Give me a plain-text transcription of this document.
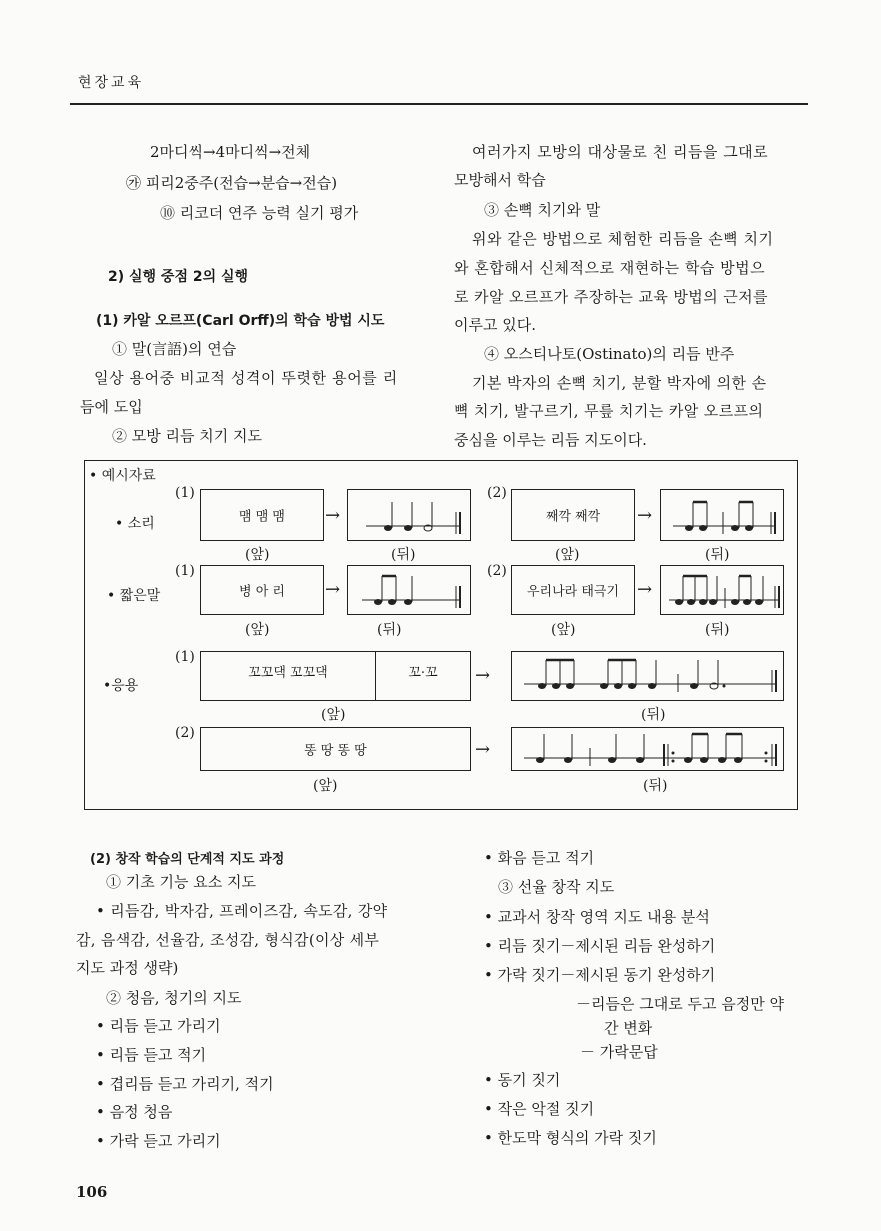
현장교육
2마디씩→4마디씩→전체
㉮ 피리2중주(전습→분습→전습)
⑩ 리코더 연주 능력 실기 평가
2) 실행 중점 2의 실행
(1) 카알 오르프(Carl Orff)의 학습 방법 시도
① 말(言語)의 연습
일상 용어중 비교적 성격이 뚜렷한 용어를 리
듬에 도입
② 모방 리듬 치기 지도
여러가지 모방의 대상물로 친 리듬을 그대로
모방해서 학습
③ 손뼉 치기와 말
위와 같은 방법으로 체험한 리듬을 손뼉 치기
와 혼합해서 신체적으로 재현하는 학습 방법으
로 카알 오르프가 주장하는 교육 방법의 근저를
이루고 있다.
④ 오스티나토(Ostinato)의 리듬 반주
기본 박자의 손뼉 치기, 분할 박자에 의한 손
뼉 치기, 발구르기, 무릎 치기는 카알 오르프의
중심을 이루는 리듬 지도이다.
• 예시자료
• 소리
(1)
맴 맴 맴	→
(앞)	(뒤)
(2)
째깍 째깍	→
(앞)	(뒤)
• 짧은말
(1)
병 아 리	→
(앞)	(뒤)
(2)
우리나라 태극기 →
(앞)	(뒤)
•응용
(1)
꼬꼬댁 꼬꼬댁	꼬·꼬	→
(앞)	(뒤)
(2)
똥 땅 똥 땅	→
(앞)	(뒤)
(2) 창작 학습의 단계적 지도 과정
① 기초 기능 요소 지도
• 리듬감, 박자감, 프레이즈감, 속도감, 강약
감, 음색감, 선율감, 조성감, 형식감(이상 세부
지도 과정 생략)
② 청음, 청기의 지도
• 리듬 듣고 가리기
• 리듬 듣고 적기
• 겹리듬 듣고 가리기, 적기
• 음정 청음
• 가락 듣고 가리기
• 화음 듣고 적기
③ 선율 창작 지도
• 교과서 창작 영역 지도 내용 분석
• 리듬 짓기－제시된 리듬 완성하기
• 가락 짓기－제시된 동기 완성하기
－리듬은 그대로 두고 음정만 약
간 변화
－ 가락문답
• 동기 짓기
• 작은 악절 짓기
• 한도막 형식의 가락 짓기
106
